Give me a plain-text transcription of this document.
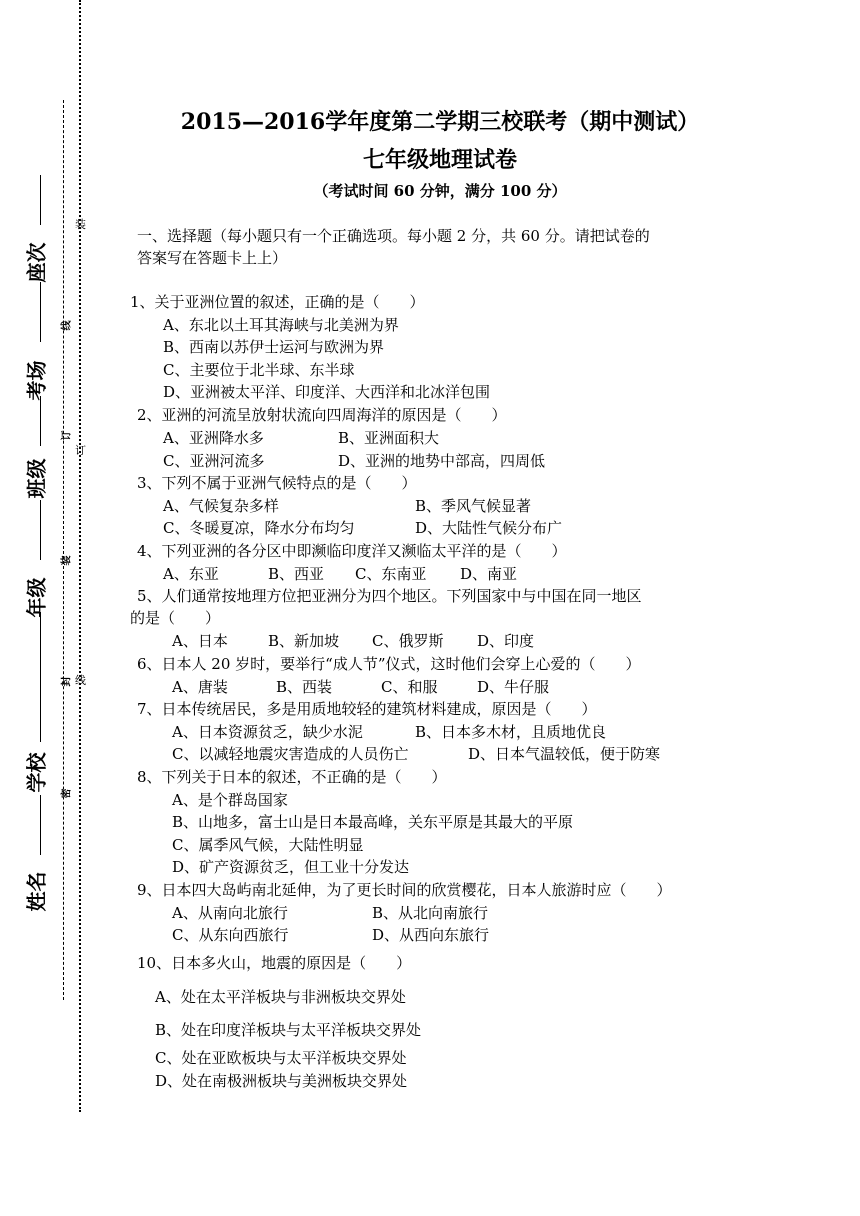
座次
考场
班级
年级
学校
姓名
装
订
线
线
订
装
封
密
2015—2016学年度第二学期三校联考（期中测试）
七年级地理试卷
（考试时间 60 分钟，满分 100 分）
一、选择题（每小题只有一个正确选项。每小题 2 分，共 60 分。请把试卷的
答案写在答题卡上上）
1、关于亚洲位置的叙述，正确的是（　　）
A、东北以土耳其海峡与北美洲为界
B、西南以苏伊士运河与欧洲为界
C、主要位于北半球、东半球
D、亚洲被太平洋、印度洋、大西洋和北冰洋包围
2、亚洲的河流呈放射状流向四周海洋的原因是（　　）
A、亚洲降水多	B、亚洲面积大
C、亚洲河流多	D、亚洲的地势中部高，四周低
3、下列不属于亚洲气候特点的是（　　）
A、气候复杂多样	B、季风气候显著
C、冬暖夏凉，降水分布均匀	D、大陆性气候分布广
4、下列亚洲的各分区中即濒临印度洋又濒临太平洋的是（　　）
A、东亚	B、西亚 C、东南亚 D、南亚
5、人们通常按地理方位把亚洲分为四个地区。下列国家中与中国在同一地区
的是（　　）
A、日本	B、新加坡 C、俄罗斯 D、印度
6、日本人 20 岁时，要举行“成人节”仪式，这时他们会穿上心爱的（　　）
A、唐装	B、西装	C、和服	D、牛仔服
7、日本传统居民，多是用质地较轻的建筑材料建成，原因是（　　）
A、日本资源贫乏，缺少水泥	B、日本多木材，且质地优良
C、以减轻地震灾害造成的人员伤亡	D、日本气温较低，便于防寒
8、下列关于日本的叙述，不正确的是（　　）
A、是个群岛国家
B、山地多，富士山是日本最高峰，关东平原是其最大的平原
C、属季风气候，大陆性明显
D、矿产资源贫乏，但工业十分发达
9、日本四大岛屿南北延伸，为了更长时间的欣赏樱花，日本人旅游时应（　　）
A、从南向北旅行	B、从北向南旅行
C、从东向西旅行	D、从西向东旅行
10、日本多火山，地震的原因是（　　）
A、处在太平洋板块与非洲板块交界处
B、处在印度洋板块与太平洋板块交界处
C、处在亚欧板块与太平洋板块交界处
D、处在南极洲板块与美洲板块交界处
